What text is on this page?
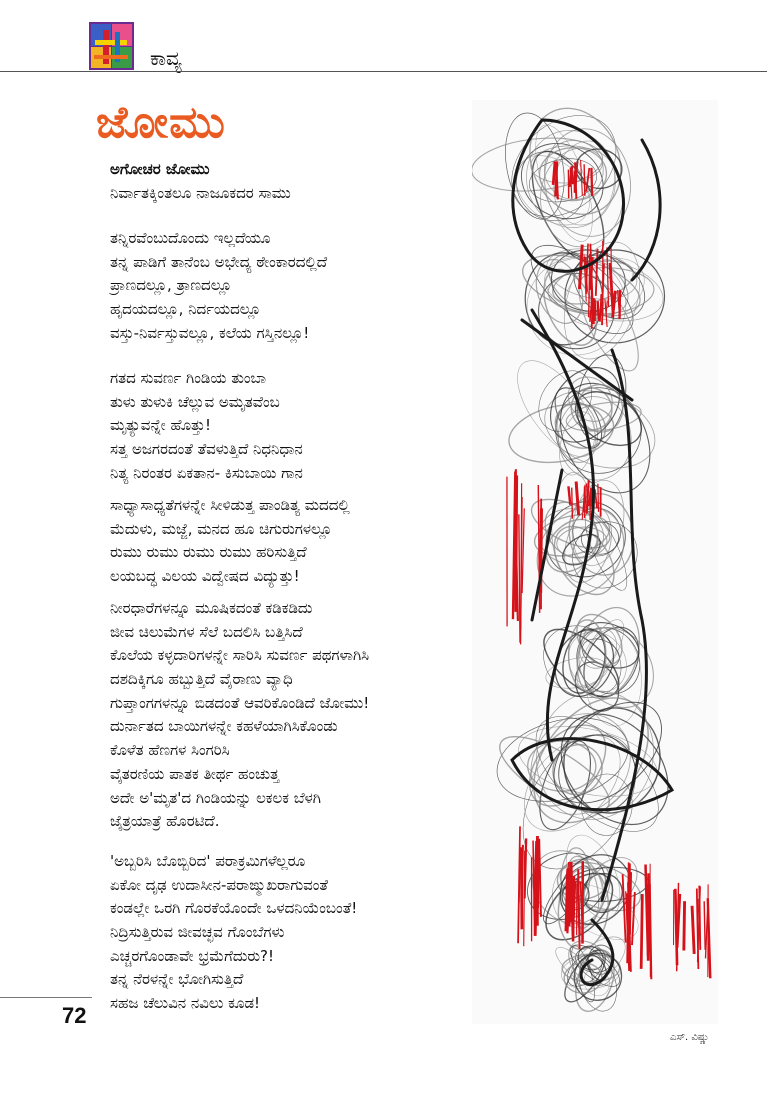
ಕಾವ್ಯ
ಜೋಮು
ಅಗೋಚರ ಜೋಮು
ನಿರ್ವಾತಕ್ಕಿಂತಲೂ ನಾಜೂಕದರ ಸಾಮು
ತನ್ನಿರವೆಂಬುದೊಂದು ಇಲ್ಲದೆಯೂ
ತನ್ನ ಪಾಡಿಗೆ ತಾನೆಂಬ ಅಭೇದ್ಯ ಠೇಂಕಾರದಲ್ಲಿದೆ
ಪ್ರಾಣದಲ್ಲೂ, ತ್ರಾಣದಲ್ಲೂ
ಹೃದಯದಲ್ಲೂ, ನಿರ್ದಯದಲ್ಲೂ
ವಸ್ತು-ನಿರ್ವಸ್ತುವಲ್ಲೂ, ಕಲೆಯ ಗಸ್ತಿನಲ್ಲೂ!
ಗತದ ಸುವರ್ಣ ಗಿಂಡಿಯ ತುಂಬಾ
ತುಳು ತುಳುಕಿ ಚೆಲ್ಲುವ ಅಮೃತವೆಂಬ
ಮೃತ್ಯುವನ್ನೇ ಹೊತ್ತು!
ಸತ್ತ ಅಜಗರದಂತೆ ತೆವಳುತ್ತಿದೆ ನಿಧನಿಧಾನ
ನಿತ್ಯ ನಿರಂತರ ಏಕತಾನ- ಕಿಸುಬಾಯಿ ಗಾನ
ಸಾಧ್ಯಾಸಾಧ್ಯತೆಗಳನ್ನೇ ಸೀಳಿಡುತ್ತ ಪಾಂಡಿತ್ಯ ಮದದಲ್ಲಿ
ಮೆದುಳು, ಮಜ್ಜೆ, ಮನದ ಹೂ ಚಿಗುರುಗಳಲ್ಲೂ
ರುಮು ರುಮು ರುಮು ರುಮು ಹರಿಸುತ್ತಿದೆ
ಲಯಬದ್ಧ ವಿಲಯ ವಿದ್ವೇಷದ ವಿದ್ಯುತ್ತು!
ನೀರಧಾರೆಗಳನ್ನೂ ಮೂಷಿಕದಂತೆ ಕಡಿಕಡಿದು
ಜೀವ ಚಿಲುಮೆಗಳ ಸೆಲೆ ಬದಲಿಸಿ ಬತ್ತಿಸಿದೆ
ಕೊಲೆಯ ಕಳ್ಳದಾರಿಗಳನ್ನೇ ಸಾರಿಸಿ ಸುವರ್ಣ ಪಥಗಳಾಗಿಸಿ
ದಶದಿಕ್ಕಿಗೂ ಹಬ್ಬುತ್ತಿದೆ ವೈರಾಣು ವ್ಯಾಧಿ
ಗುಪ್ತಾಂಗಗಳನ್ನೂ ಬಿಡದಂತೆ ಆವರಿಕೊಂಡಿದೆ ಜೋಮು!
ದುರ್ನಾತದ ಬಾಯಿಗಳನ್ನೇ ಕಹಳೆಯಾಗಿಸಿಕೊಂಡು
ಕೊಳೆತ ಹೆಣಗಳ ಸಿಂಗರಿಸಿ
ವೈತರಣಿಯ ಪಾತಕ ತೀರ್ಥ ಹಂಚುತ್ತ
ಅದೇ ಅ'ಮೃತ'ದ ಗಿಂಡಿಯನ್ನು ಲಕಲಕ ಬೆಳಗಿ
ಜೈತ್ರಯಾತ್ರೆ ಹೊರಟಿದೆ.
'ಅಬ್ಬರಿಸಿ ಬೊಬ್ಬಿರಿದ' ಪರಾಕ್ರಮಿಗಳೆಲ್ಲರೂ
ಏಕೋ ದೃಢ ಉದಾಸೀನ-ಪರಾಙ್ಮುಖರಾಗುವಂತೆ
ಕಂಡಲ್ಲೇ ಒರಗಿ ಗೊರಕೆಯೊಂದೇ ಒಳದನಿಯೆಂಬಂತೆ!
ನಿದ್ರಿಸುತ್ತಿರುವ ಜೀವಚ್ಛವ ಗೊಂಬೆಗಳು
ಎಚ್ಚರಗೊಂಡಾವೇ ಭ್ರಮೆಗೆದುರು?!
ತನ್ನ ನೆರಳನ್ನೇ ಭೋಗಿಸುತ್ತಿದೆ
ಸಹಜ ಚೆಲುವಿನ ನವಿಲು ಕೂಡ!
ಎಸ್. ವಿಷ್ಣು
72
